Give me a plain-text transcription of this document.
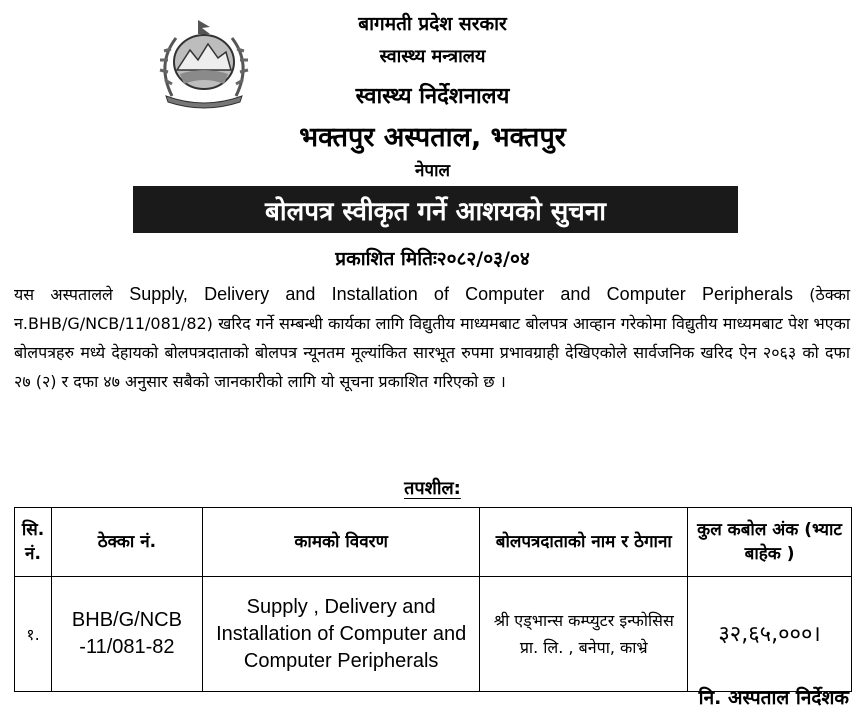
बागमती प्रदेश सरकार
स्वास्थ्य मन्त्रालय
स्वास्थ्य निर्देशनालय
भक्तपुर अस्पताल, भक्तपुर
नेपाल
बोलपत्र स्वीकृत गर्ने आशयको सुचना
प्रकाशित मितिः२०८२/०३/०४
यस अस्पतालले Supply, Delivery and Installation of Computer and Computer Peripherals (ठेक्का न.BHB/G/NCB/11/081/82) खरिद गर्ने सम्बन्धी कार्यका लागि विद्युतीय माध्यमबाट बोलपत्र आव्हान गरेकोमा विद्युतीय माध्यमबाट पेश भएका बोलपत्रहरु मध्ये देहायको बोलपत्रदाताको बोलपत्र न्यूनतम मूल्यांकित सारभूत रुपमा प्रभावग्राही देखिएकोले सार्वजनिक खरिद ऐन २०६३ को दफा २७ (२) र दफा ४७ अनुसार सबैको जानकारीको लागि यो सूचना प्रकाशित गरिएको छ ।
तपशील:
सि. नं.	ठेक्का नं.	कामको विवरण	बोलपत्रदाताको नाम र ठेगाना	कुल कबोल अंक (भ्याट बाहेक )
१.	BHB/G/NCB -11/081-82	Supply , Delivery and Installation of Computer and Computer Peripherals	श्री एड्भान्स कम्प्युटर इन्फोसिस प्रा. लि. , बनेपा, काभ्रे	३२,६५,०००।
नि. अस्पताल निर्देशक
